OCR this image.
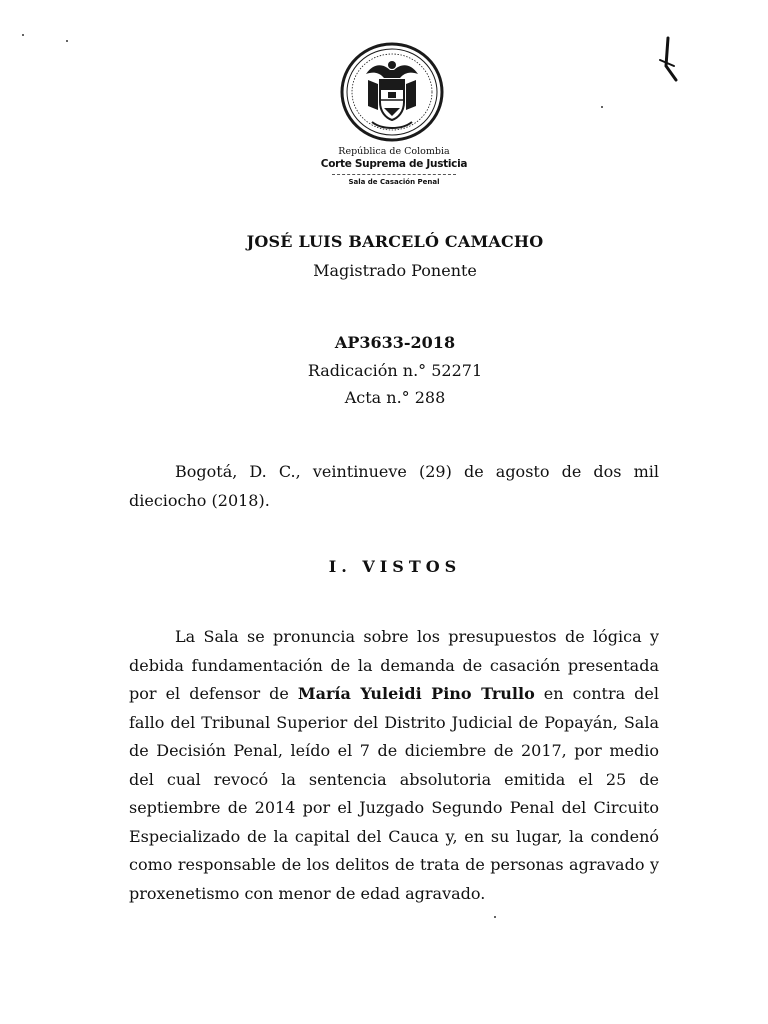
República de Colombia
Corte Suprema de Justicia
Sala de Casación Penal
JOSÉ LUIS BARCELÓ CAMACHO
Magistrado Ponente
AP3633-2018
Radicación n.° 52271
Acta n.° 288

Bogotá, D. C., veintinueve (29) de agosto de dos mil dieciocho (2018).

I. VISTOS

La Sala se pronuncia sobre los presupuestos de lógica y debida fundamentación de la demanda de casación presentada por el defensor de María Yuleidi Pino Trullo en contra del fallo del Tribunal Superior del Distrito Judicial de Popayán, Sala de Decisión Penal, leído el 7 de diciembre de 2017, por medio del cual revocó la sentencia absolutoria emitida el 25 de septiembre de 2014 por el Juzgado Segundo Penal del Circuito Especializado de la capital del Cauca y, en su lugar, la condenó como responsable de los delitos de trata de personas agravado y proxenetismo con menor de edad agravado.
